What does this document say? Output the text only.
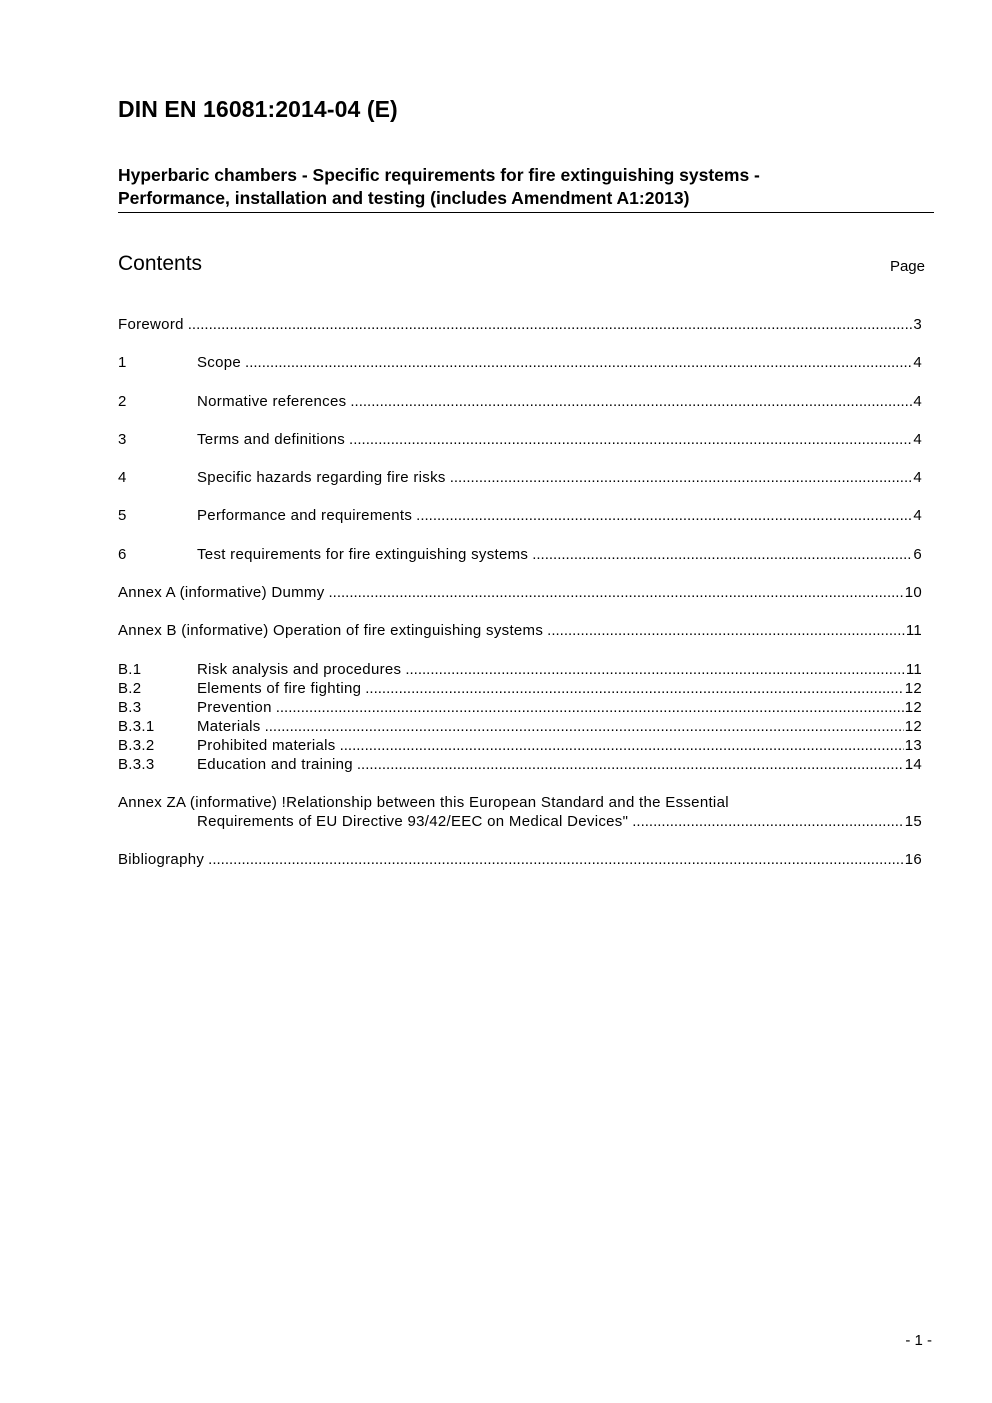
DIN EN 16081:2014-04 (E)
Hyperbaric chambers - Specific requirements for fire extinguishing systems -
Performance, installation and testing (includes Amendment A1:2013)
Contents	Page
Foreword .....	3
1	Scope .....	4
2	Normative references .....	4
3	Terms and definitions .....	4
4	Specific hazards regarding fire risks .....	4
5	Performance and requirements .....	4
6	Test requirements for fire extinguishing systems .....	6
Annex A (informative) Dummy .....	10
Annex B (informative) Operation of fire extinguishing systems .....	11
B.1	Risk analysis and procedures .....	11
B.2	Elements of fire fighting .....	12
B.3	Prevention .....	12
B.3.1	Materials .....	12
B.3.2	Prohibited materials .....	13
B.3.3	Education and training .....	14
Annex ZA (informative) !Relationship between this European Standard and the Essential
Requirements of EU Directive 93/42/EEC on Medical Devices" .....	15
Bibliography .....	16
- 1 -
